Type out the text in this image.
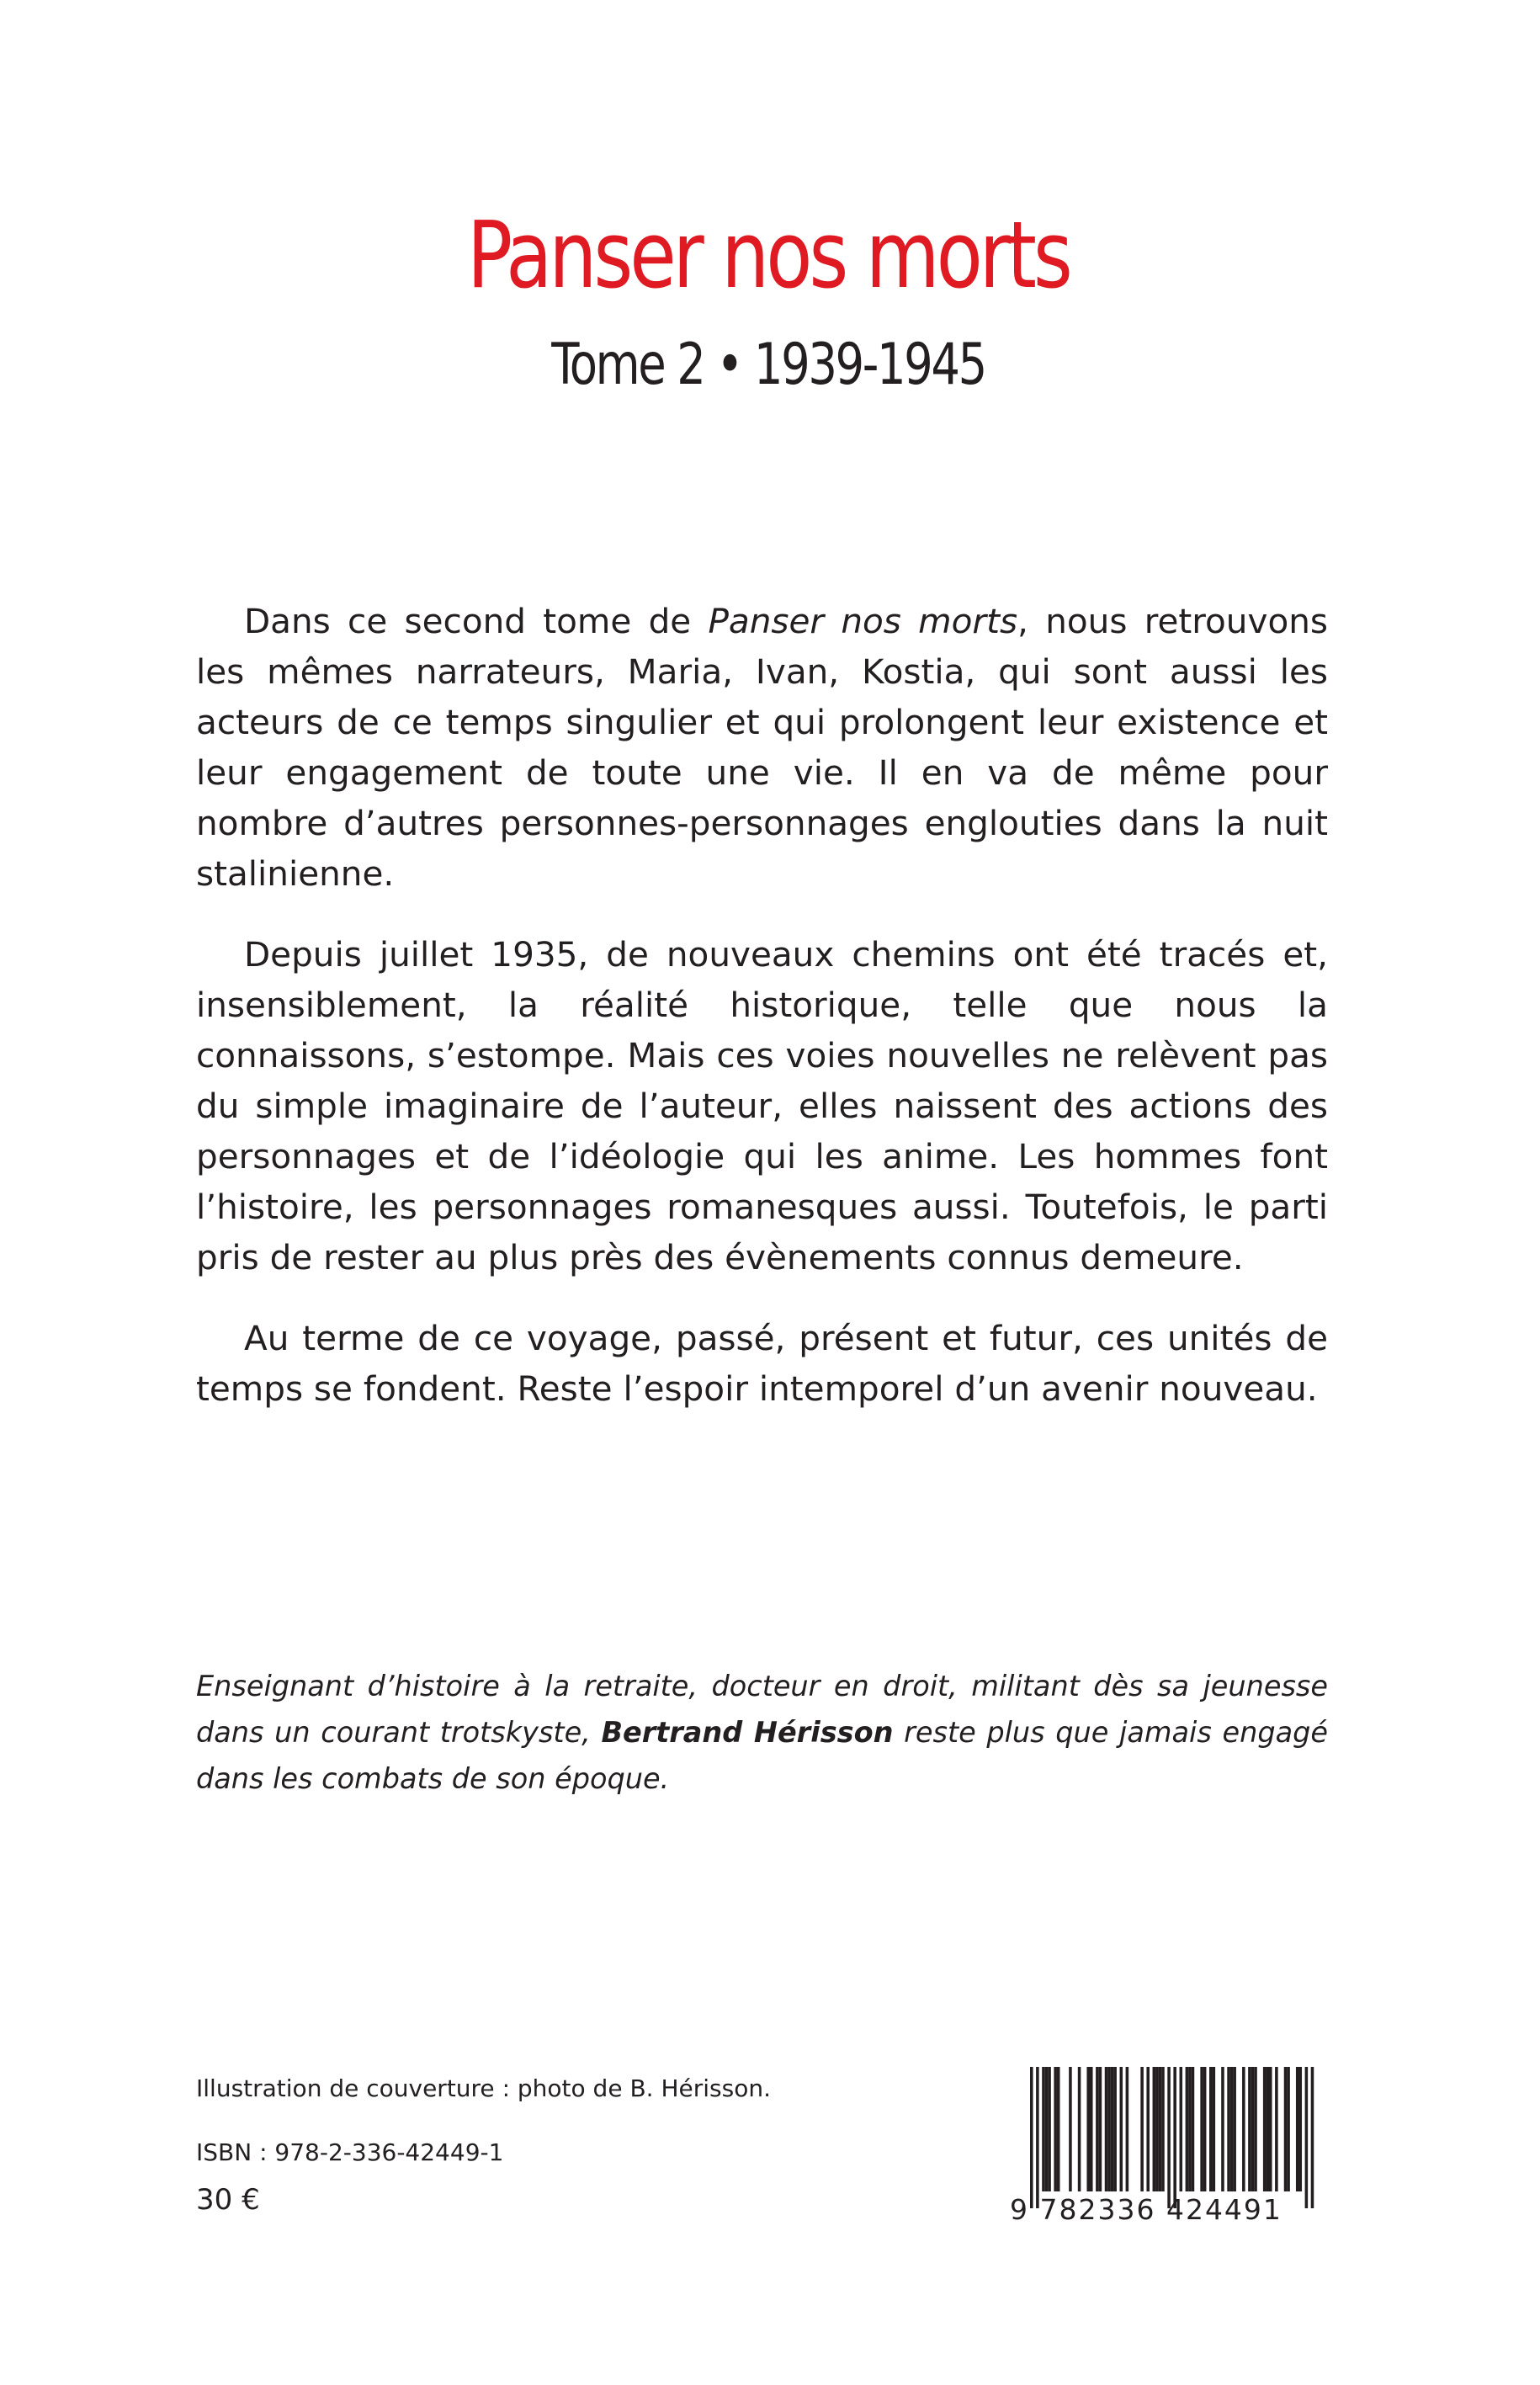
Panser nos morts
Tome 2 • 1939-1945

Dans ce second tome de Panser nos morts, nous retrouvons les mêmes narrateurs, Maria, Ivan, Kostia, qui sont aussi les acteurs de ce temps singulier et qui prolongent leur existence et leur engagement de toute une vie. Il en va de même pour nombre d’autres personnes-personnages englouties dans la nuit stalinienne.

Depuis juillet 1935, de nouveaux chemins ont été tracés et, insensiblement, la réalité historique, telle que nous la connaissons, s’estompe. Mais ces voies nouvelles ne relèvent pas du simple imaginaire de l’auteur, elles naissent des actions des personnages et de l’idéologie qui les anime. Les hommes font l’histoire, les personnages romanesques aussi. Toutefois, le parti pris de rester au plus près des évènements connus demeure.

Au terme de ce voyage, passé, présent et futur, ces unités de temps se fondent. Reste l’espoir intemporel d’un avenir nouveau.

Enseignant d’histoire à la retraite, docteur en droit, militant dès sa jeunesse dans un courant trotskyste, Bertrand Hérisson reste plus que jamais engagé dans les combats de son époque.

Illustration de couverture : photo de B. Hérisson.
ISBN : 978-2-336-42449-1
30 €	9 782336 424491
